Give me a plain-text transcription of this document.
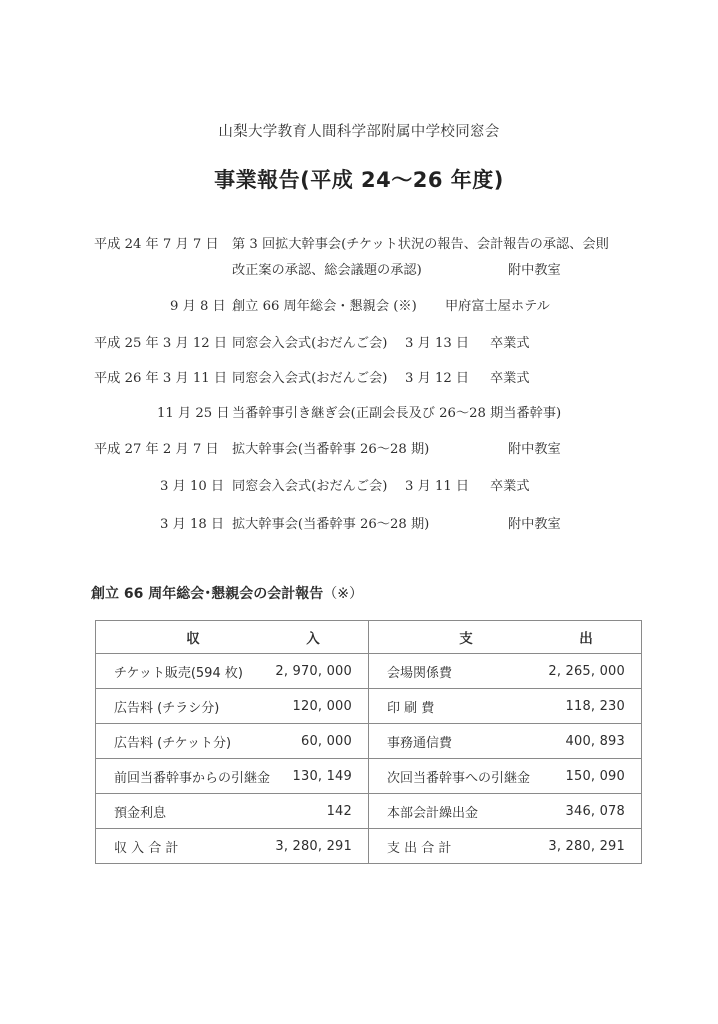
山梨大学教育人間科学部附属中学校同窓会
事業報告(平成 24～26 年度)
平成 24 年 7 月 7 日 第 3 回拡大幹事会(チケット状況の報告、会計報告の承認、会則
改正案の承認、総会議題の承認)	附中教室
9 月 8 日 創立 66 周年総会・懇親会 (※) 甲府富士屋ホテル
平成 25 年 3 月 12 日 同窓会入会式(おだんご会) 3 月 13 日 卒業式
平成 26 年 3 月 11 日 同窓会入会式(おだんご会) 3 月 12 日 卒業式
11 月 25 日 当番幹事引き継ぎ会(正副会長及び 26～28 期当番幹事)
平成 27 年 2 月 7 日 拡大幹事会(当番幹事 26～28 期)	附中教室
3 月 10 日 同窓会入会式(おだんご会) 3 月 11 日 卒業式
3 月 18 日 拡大幹事会(当番幹事 26～28 期)	附中教室
創立 66 周年総会･懇親会の会計報告（※）
収 入	支 出

チケット販売(594 枚) 2, 970, 000	会場関係費 2, 265, 000

広告料 (チラシ分) 120, 000	印 刷 費 118, 230

広告料 (チケット分) 60, 000	事務通信費 400, 893

前回当番幹事からの引継金 130, 149	次回当番幹事への引継金 150, 090

預金利息 142	本部会計繰出金 346, 078

収 入 合 計 3, 280, 291	支 出 合 計 3, 280, 291
